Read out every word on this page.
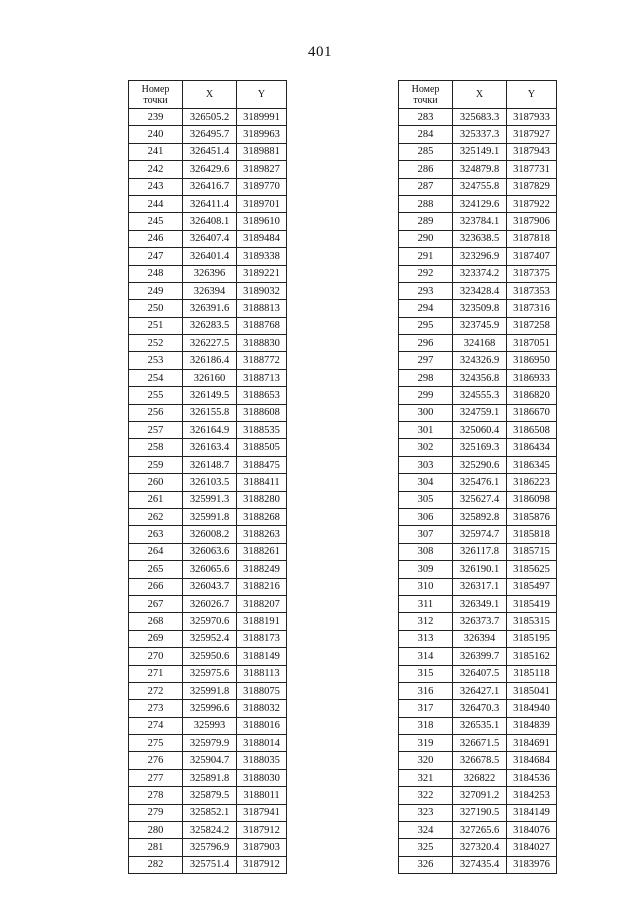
401
Номер
точки	X	Y
239	326505.2	3189991
240	326495.7	3189963
241	326451.4	3189881
242	326429.6	3189827
243	326416.7	3189770
244	326411.4	3189701
245	326408.1	3189610
246	326407.4	3189484
247	326401.4	3189338
248	326396	3189221
249	326394	3189032
250	326391.6	3188813
251	326283.5	3188768
252	326227.5	3188830
253	326186.4	3188772
254	326160	3188713
255	326149.5	3188653
256	326155.8	3188608
257	326164.9	3188535
258	326163.4	3188505
259	326148.7	3188475
260	326103.5	3188411
261	325991.3	3188280
262	325991.8	3188268
263	326008.2	3188263
264	326063.6	3188261
265	326065.6	3188249
266	326043.7	3188216
267	326026.7	3188207
268	325970.6	3188191
269	325952.4	3188173
270	325950.6	3188149
271	325975.6	3188113
272	325991.8	3188075
273	325996.6	3188032
274	325993	3188016
275	325979.9	3188014
276	325904.7	3188035
277	325891.8	3188030
278	325879.5	3188011
279	325852.1	3187941
280	325824.2	3187912
281	325796.9	3187903
282	325751.4	3187912
Номер
точки	X	Y
283	325683.3	3187933
284	325337.3	3187927
285	325149.1	3187943
286	324879.8	3187731
287	324755.8	3187829
288	324129.6	3187922
289	323784.1	3187906
290	323638.5	3187818
291	323296.9	3187407
292	323374.2	3187375
293	323428.4	3187353
294	323509.8	3187316
295	323745.9	3187258
296	324168	3187051
297	324326.9	3186950
298	324356.8	3186933
299	324555.3	3186820
300	324759.1	3186670
301	325060.4	3186508
302	325169.3	3186434
303	325290.6	3186345
304	325476.1	3186223
305	325627.4	3186098
306	325892.8	3185876
307	325974.7	3185818
308	326117.8	3185715
309	326190.1	3185625
310	326317.1	3185497
311	326349.1	3185419
312	326373.7	3185315
313	326394	3185195
314	326399.7	3185162
315	326407.5	3185118
316	326427.1	3185041
317	326470.3	3184940
318	326535.1	3184839
319	326671.5	3184691
320	326678.5	3184684
321	326822	3184536
322	327091.2	3184253
323	327190.5	3184149
324	327265.6	3184076
325	327320.4	3184027
326	327435.4	3183976
